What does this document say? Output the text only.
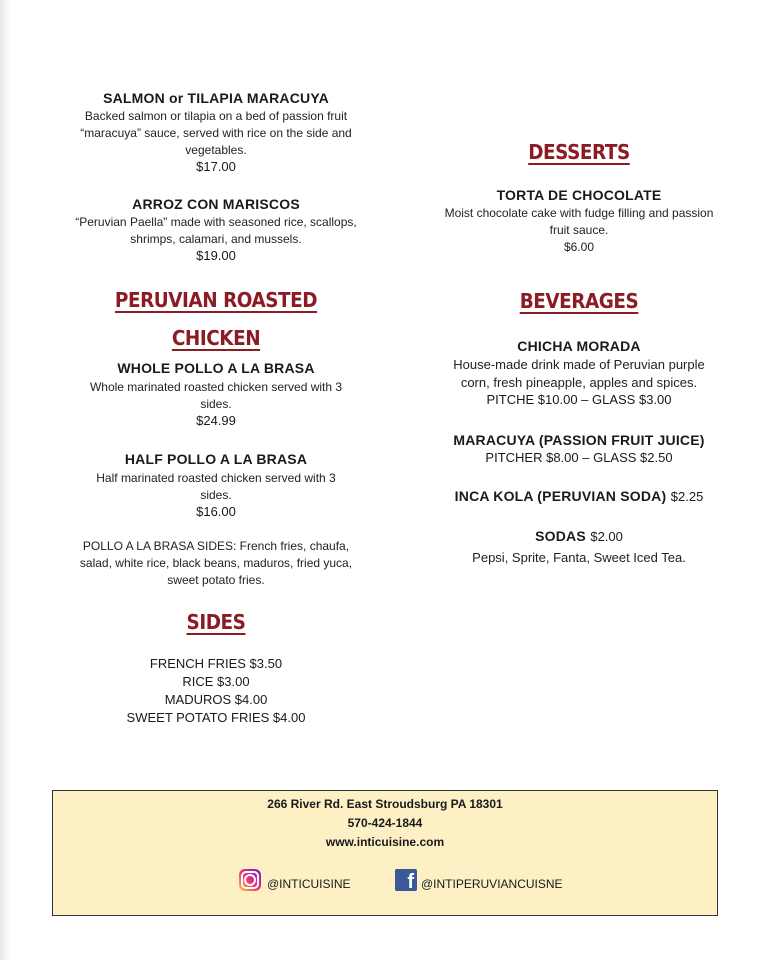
SALMON or TILAPIA MARACUYA
Backed salmon or tilapia on a bed of passion fruit “maracuya” sauce, served with rice on the side and vegetables.
$17.00
ARROZ CON MARISCOS
“Peruvian Paella” made with seasoned rice, scallops, shrimps, calamari, and mussels.
$19.00
PERUVIAN ROASTED
CHICKEN
WHOLE POLLO A LA BRASA
Whole marinated roasted chicken served with 3 sides.
$24.99
HALF POLLO A LA BRASA
Half marinated roasted chicken served with 3 sides.
$16.00
POLLO A LA BRASA SIDES: French fries, chaufa, salad, white rice, black beans, maduros, fried yuca, sweet potato fries.
SIDES
FRENCH FRIES $3.50
RICE $3.00
MADUROS $4.00
SWEET POTATO FRIES $4.00
DESSERTS
TORTA DE CHOCOLATE
Moist chocolate cake with fudge filling and passion fruit sauce.
$6.00
BEVERAGES
CHICHA MORADA
House-made drink made of Peruvian purple corn, fresh pineapple, apples and spices.
PITCHE $10.00 – GLASS $3.00
MARACUYA (PASSION FRUIT JUICE)
PITCHER $8.00 – GLASS $2.50
INCA KOLA (PERUVIAN SODA) $2.25
SODAS $2.00
Pepsi, Sprite, Fanta, Sweet Iced Tea.
266 River Rd. East Stroudsburg PA 18301
570-424-1844
www.inticuisine.com
@INTICUISINE	f @INTIPERUVIANCUISNE
